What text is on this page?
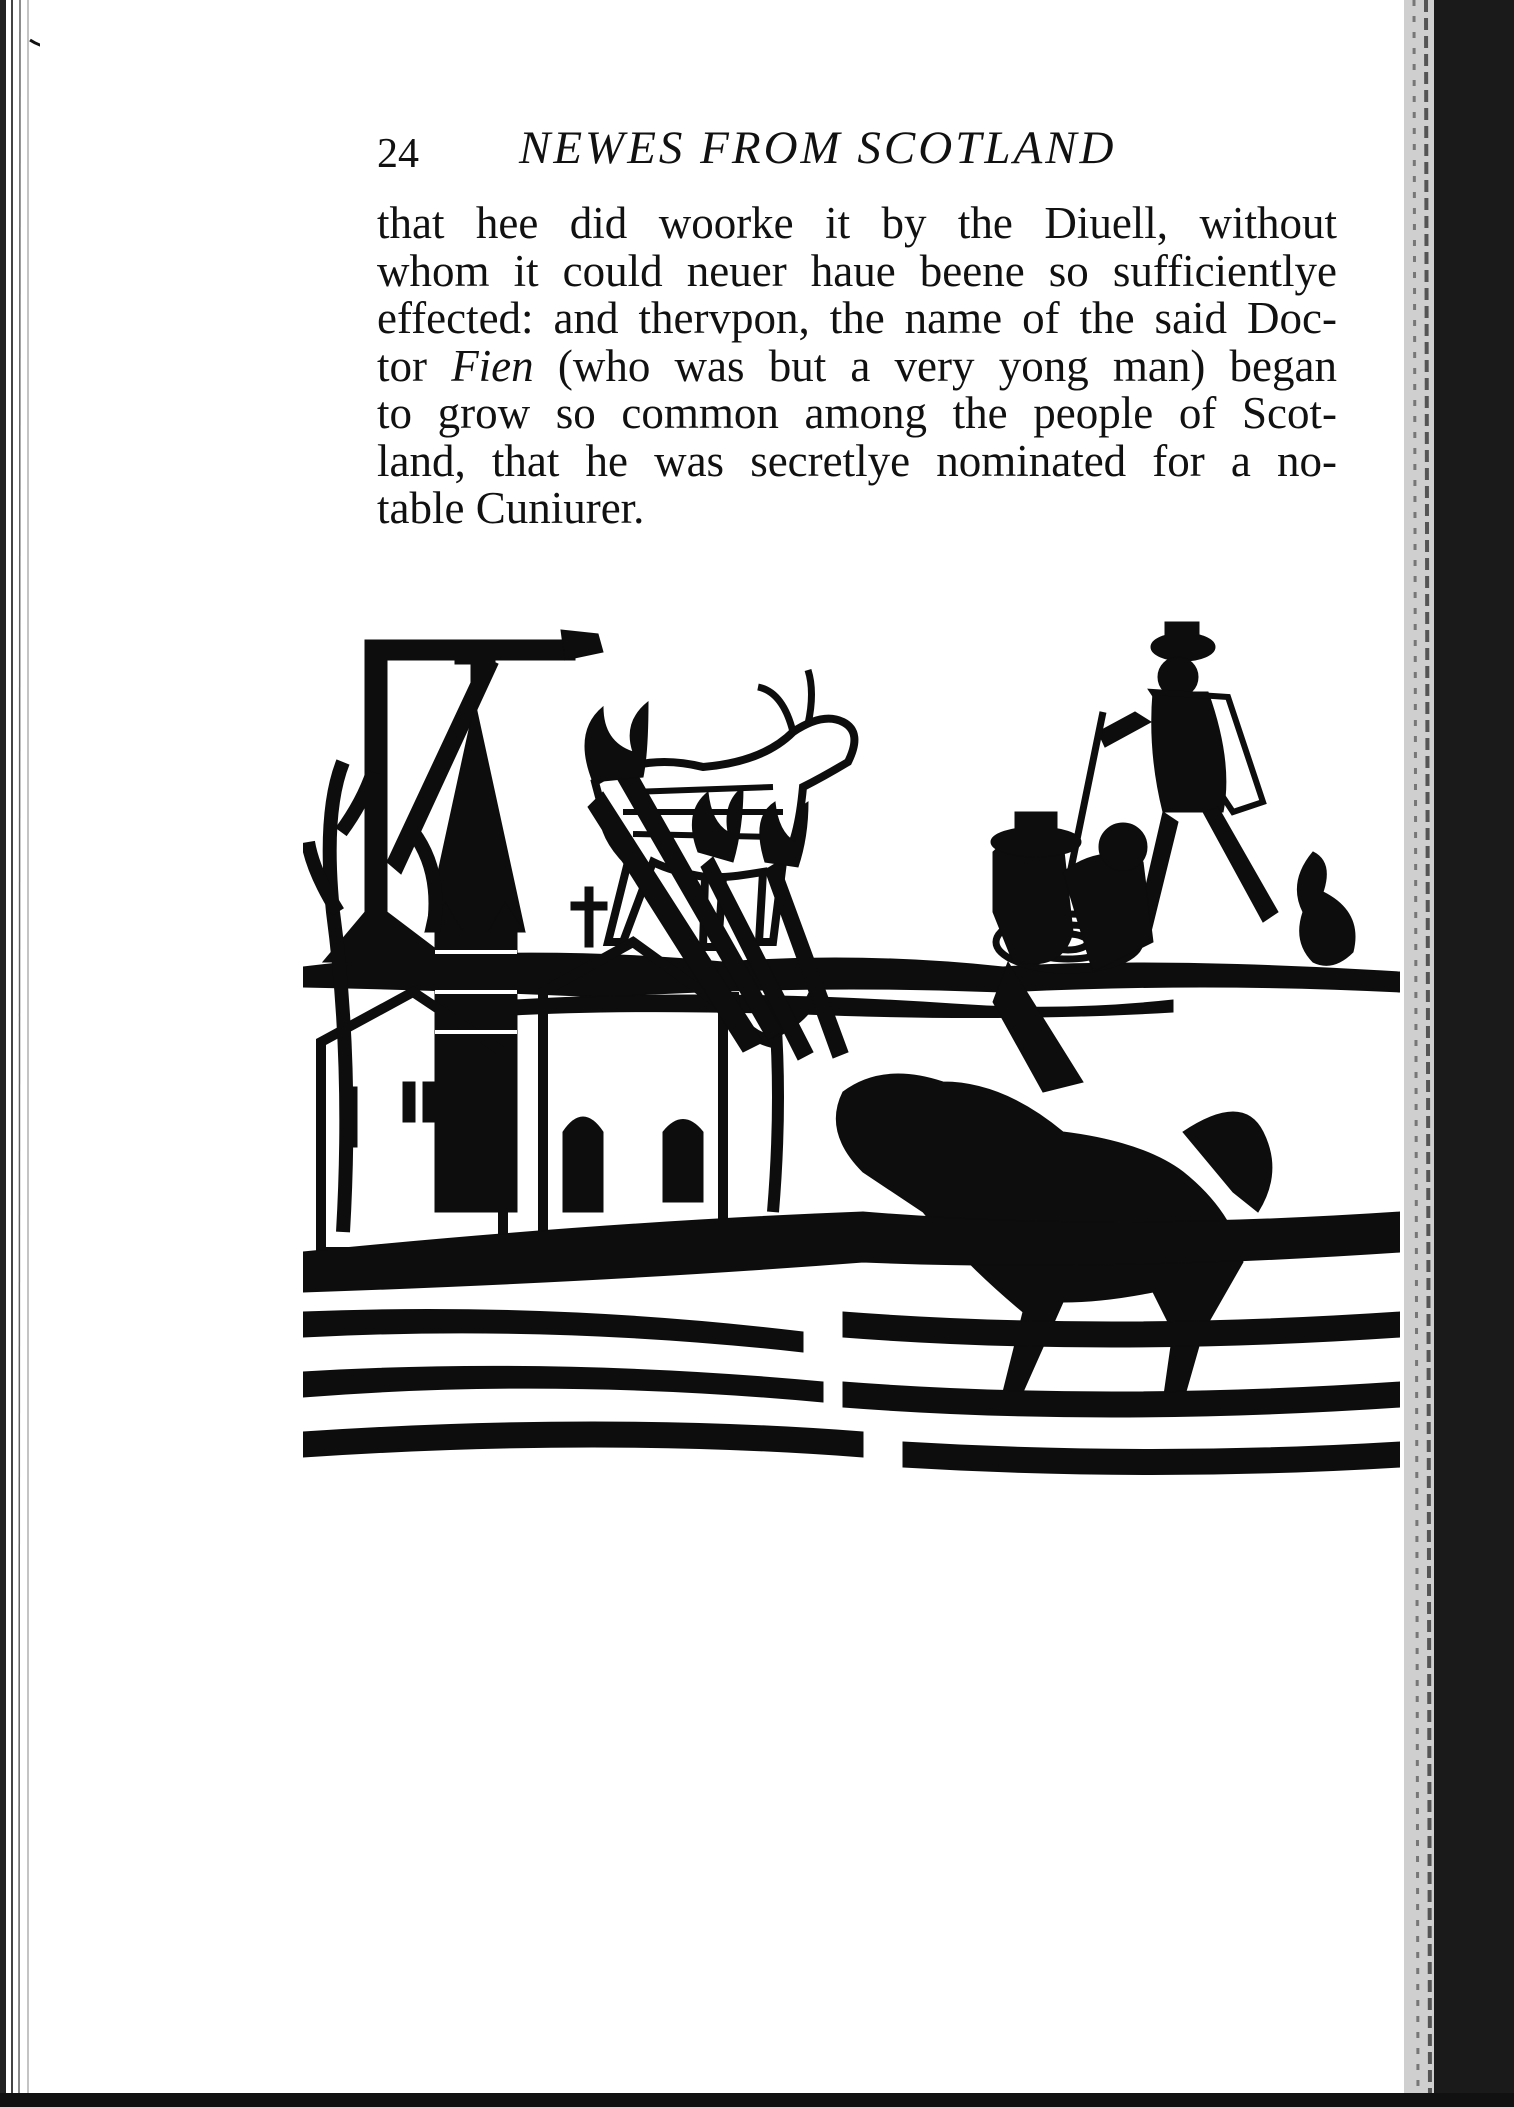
24 NEWES FROM SCOTLAND
that hee did woorke it by the Diuell, without
whom it could neuer haue beene so sufficientlye
effected: and thervpon, the name of the said Doc-
tor Fien (who was but a very yong man) began
to grow so common among the people of Scot-
land, that he was secretlye nominated for a no-
table Cuniurer.
